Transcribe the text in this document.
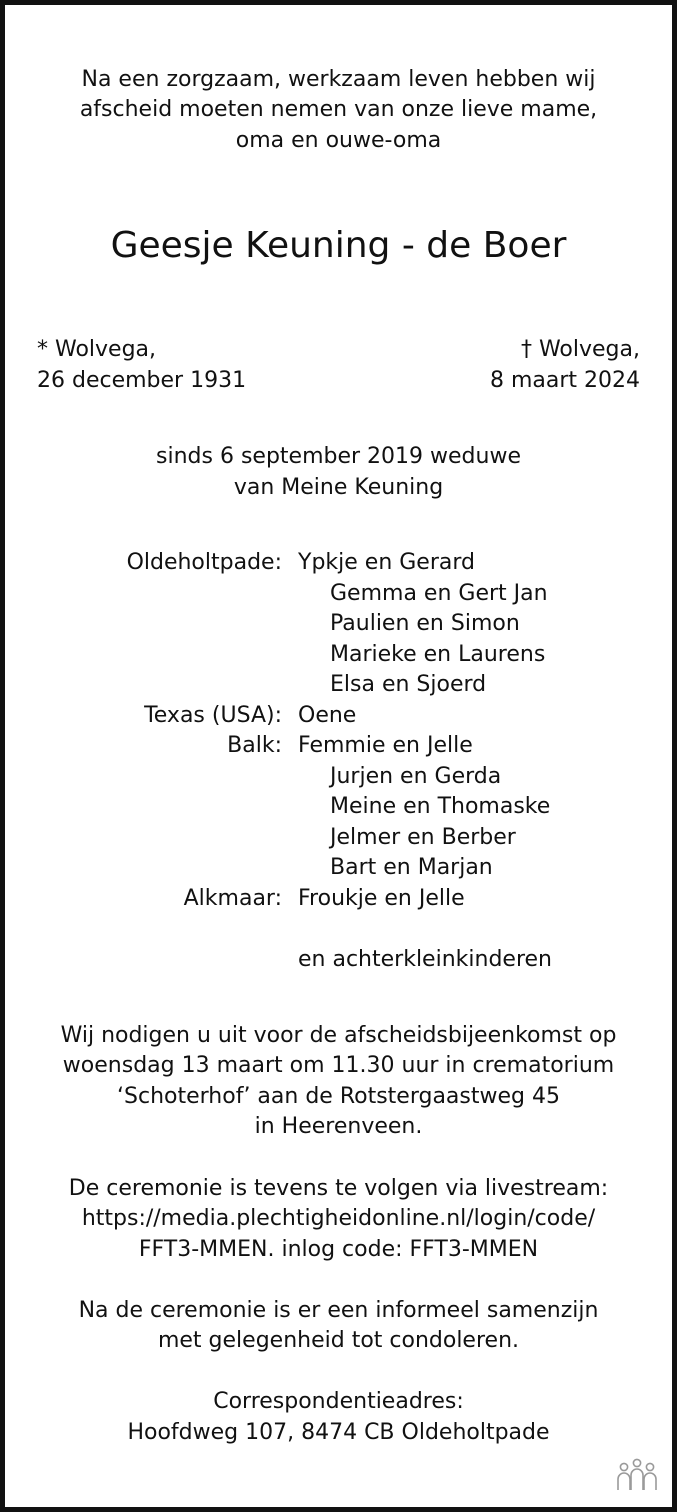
Na een zorgzaam, werkzaam leven hebben wij
afscheid moeten nemen van onze lieve mame,
oma en ouwe-oma
Geesje Keuning - de Boer
* Wolvega,
26 december 1931
† Wolvega,
8 maart 2024
sinds 6 september 2019 weduwe
van Meine Keuning
Oldeholtpade: Ypkje en Gerard
Gemma en Gert Jan
Paulien en Simon
Marieke en Laurens
Elsa en Sjoerd
Texas (USA): Oene
Balk: Femmie en Jelle
Jurjen en Gerda
Meine en Thomaske
Jelmer en Berber
Bart en Marjan
Alkmaar: Froukje en Jelle
en achterkleinkinderen
Wij nodigen u uit voor de afscheidsbijeenkomst op
woensdag 13 maart om 11.30 uur in crematorium
‘Schoterhof’ aan de Rotstergaastweg 45
in Heerenveen.
De ceremonie is tevens te volgen via livestream:
https://media.plechtigheidonline.nl/login/code/
FFT3-MMEN. inlog code: FFT3-MMEN
Na de ceremonie is er een informeel samenzijn
met gelegenheid tot condoleren.
Correspondentieadres:
Hoofdweg 107, 8474 CB Oldeholtpade
